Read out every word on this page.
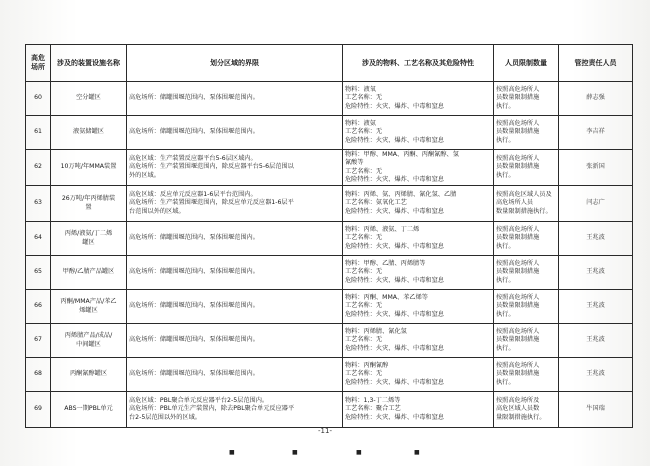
高危场所	涉及的装置设施名称	划分区域的界限	涉及的物料、工艺名称及其危险特性	人员限制数量	管控责任人员
60	空分罐区	高危场所：储罐围堰范围内、泵体围堰范围内。	物料：液氧
工艺名称：无
危险特性：火灾、爆炸、中毒和窒息	按照高危场所人
员数量限制措施
执行。	薛志强
61	液氨储罐区	高危场所：储罐围堰范围内、泵体围堰范围内。	物料：液氨
工艺名称：无
危险特性：火灾、爆炸、中毒和窒息	按照高危场所人
员数量限制措施
执行。	李吉祥
62	10万吨/年MMA装置	高危区域：生产装置反应器平台5-6层区域内。
高危场所：生产装置围堰范围内，除反应器平台5-6层范围以
外的区域。	物料：甲醇、MMA、丙酮、丙酮氰醇、氢
氰酸等
工艺名称：无
危险特性：火灾、爆炸、中毒和窒息	按照高危场所人
员数量限制措施
执行。	张新国
63	26万吨/年丙烯腈装
置	高危区域：反应单元反应器1-6层平台范围内。
高危场所：生产装置围堰范围内，除反应单元反应器1-6层平
台范围以外的区域。	物料：丙烯、氨、丙烯腈、氰化氢、乙腈
工艺名称：氨氧化工艺
危险特性：火灾、爆炸、中毒和窒息	按照高危区域人员及
高危场所人员
数量限制措施执行。	闫志广
64	丙烯/液氨/丁二烯
罐区	高危场所：储罐围堰范围内、泵体围堰范围内。	物料：丙烯、液氨、丁二烯
工艺名称：无
危险特性：火灾、爆炸、中毒和窒息	按照高危场所人
员数量限制措施
执行。	王兆波
65	甲醇/乙腈产品罐区	高危场所：储罐围堰范围内、泵体围堰范围内。	物料：甲醇、乙腈、丙烯腈等
工艺名称：无
危险特性：火灾、爆炸、中毒和窒息	按照高危场所人
员数量限制措施
执行。	王兆波
66	丙酮/MMA产品/苯乙
烯罐区	高危场所：储罐围堰范围内、泵体围堰范围内。	物料：丙酮、MMA、苯乙烯等
工艺名称：无
危险特性：火灾、爆炸、中毒和窒息	按照高危场所人
员数量限制措施
执行。	王兆波
67	丙烯腈产品/成品/
中间罐区	高危场所：储罐围堰范围内、泵体围堰范围内。	物料：丙烯腈、氰化氢
工艺名称：无
危险特性：火灾、爆炸、中毒和窒息	按照高危场所人
员数量限制措施
执行。	王兆波
68	丙酮氰醇罐区	高危场所：储罐围堰范围内、泵体围堰范围内。	物料：丙酮氰醇
工艺名称：无
危险特性：火灾、爆炸、中毒和窒息	按照高危场所人
员数量限制措施
执行。	王兆波
69	ABS一期PBL单元	高危区域：PBL聚合单元反应器平台2-5层范围内。
高危场所：PBL单元生产装置内，除去PBL聚合单元反应器平
台2-5层范围以外的区域。	物料：1,3-丁二烯等
工艺名称：聚合工艺
危险特性：火灾、爆炸、中毒和窒息	按照高危场所及
高危区域人员数
量限制措施执行。	牛国瑞
-11-
■	■	■	■
